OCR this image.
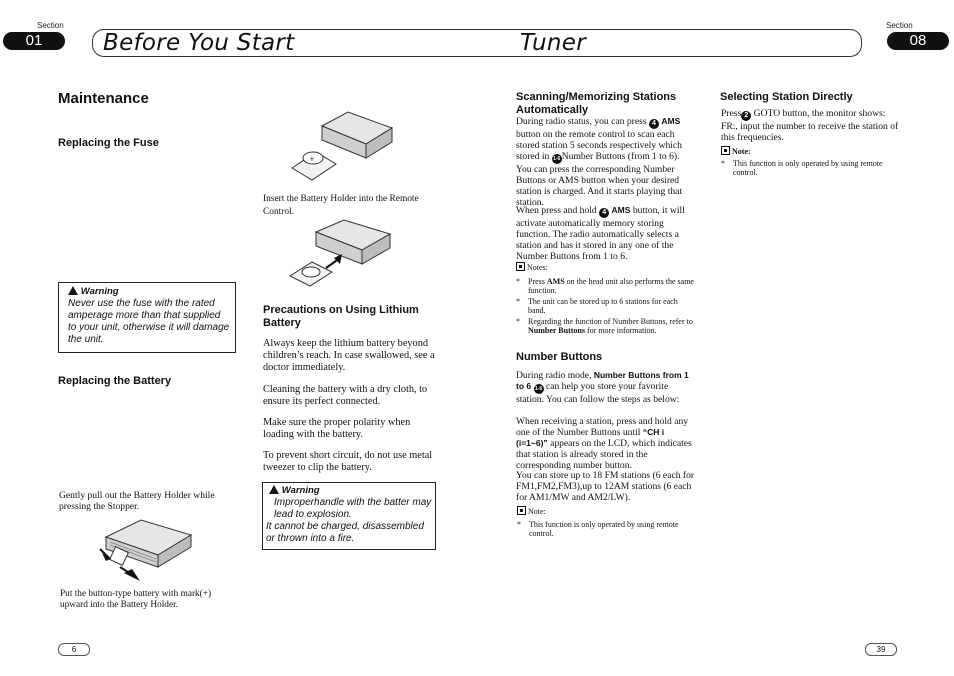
Section
01	Before You Start	Tuner
Section
08
Maintenance
Replacing the Fuse
Warning
Never use the fuse with the rated amperage more than that supplied to your unit, otherwise it will damage the unit.
Replacing the Battery
Gently pull out the Battery Holder while pressing the Stopper.
Put the button-type battery with mark(+) upward into the Battery Holder.
+
Insert the Battery Holder into the Remote Control.
Precautions on Using Lithium Battery
Always keep the lithium battery beyond children’s reach. In case swallowed, see a doctor immediately.
Cleaning the battery with a dry cloth, to ensure its perfect connected.
Make sure the proper polarity when loading with the battery.
To prevent short circuit, do not use metal tweezer to clip the battery.
Warning
Improperhandle with the batter may lead to explosion.
It cannot be charged, disassembled or thrown into a fire.
6
Scanning/Memorizing Stations Automatically
During radio status, you can press 4 AMS button on the remote control to scan each stored station 5 seconds respectively which stored in 1-6Number Buttons (from 1 to 6). You can press the corresponding Number Buttons or AMS button when your desired station is charged. And it starts playing that station.
When press and hold 4 AMS button, it will activate automatically memory storing function. The radio automatically selects a station and has it stored in any one of the Number Buttons from 1 to 6.
Notes:
*	Press AMS on the head unit also performs the same function.
*	The unit can be stored up to 6 stations for each band.
*	Regarding the function of Number Buttons, refer to Number Buttons for more information.
Number Buttons
During radio mode, Number Buttons from 1 to 6 1-6 can help you store your favorite station. You can follow the steps as below:
When receiving a station, press and hold any one of the Number Buttons until “CH i (i=1~6)” appears on the LCD, which indicates that station is already stored in the corresponding number button.
You can store up to 18 FM stations (6 each for FM1,FM2,FM3),up to 12AM stations (6 each for AM1/MW and AM2/LW).
Note:
*	This function is only operated by using remote control.
Selecting Station Directly
Press 2 GOTO button, the monitor shows: FR:, input the number to receive the station of this frequencies.
Note:
*	This function is only operated by using remote control.
39
